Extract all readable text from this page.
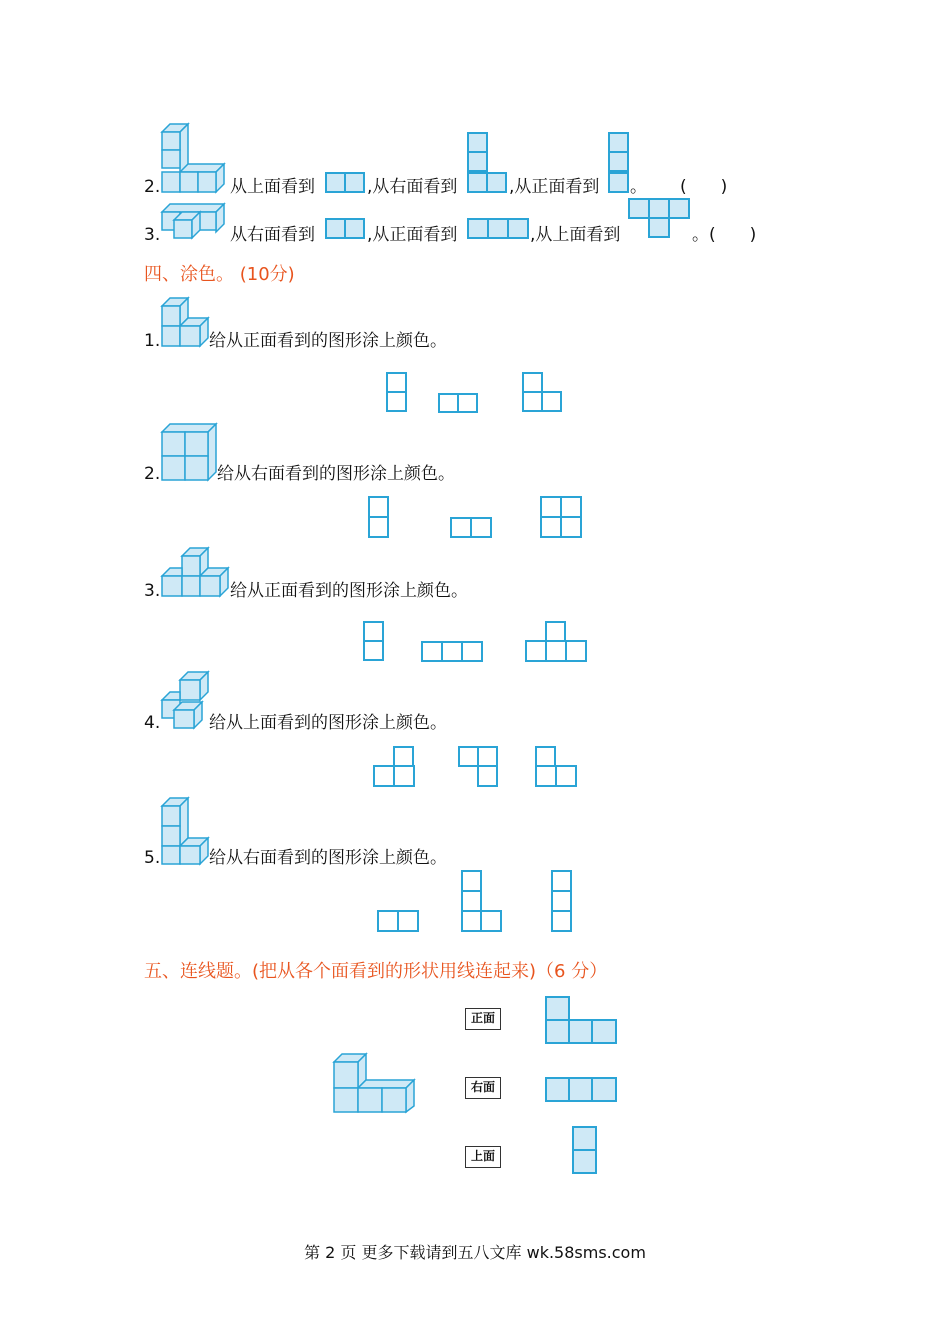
2.	从上面看到	,从右面看到	,从正面看到 。 (　　)
3.	从右面看到	,从正面看到	,从上面看到	。(　　)
四、涂色。 (10分)
1.	给从正面看到的图形涂上颜色。
2.	给从右面看到的图形涂上颜色。
3.	给从正面看到的图形涂上颜色。
4.	给从上面看到的图形涂上颜色。
5.	给从右面看到的图形涂上颜色。
五、连线题。(把从各个面看到的形状用线连起来)（6 分）
正面
右面
上面
第 2 页 更多下载请到五八文库 wk.58sms.com
